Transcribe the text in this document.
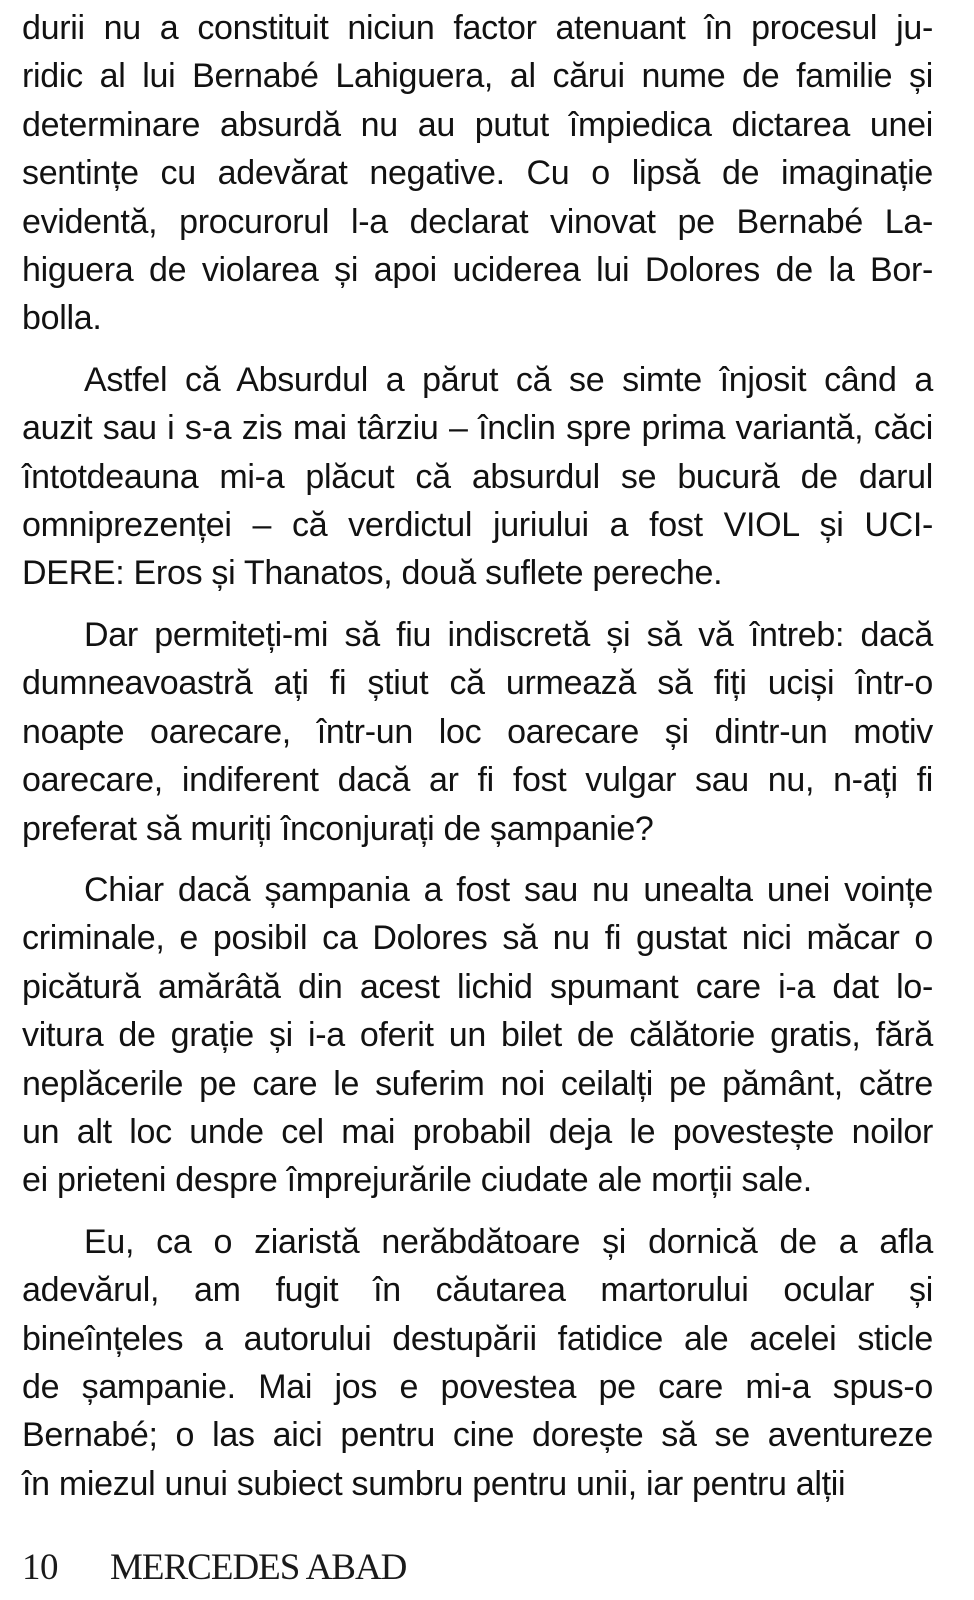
durii nu a constituit niciun factor atenuant în procesul ju-
ridic al lui Bernabé Lahiguera, al cărui nume de familie și
determinare absurdă nu au putut împiedica dictarea unei
sentințe cu adevărat negative. Cu o lipsă de imaginație
evidentă, procurorul l-a declarat vinovat pe Bernabé La-
higuera de violarea și apoi uciderea lui Dolores de la Bor-
bolla.
Astfel că Absurdul a părut că se simte înjosit când a
auzit sau i s-a zis mai târziu – înclin spre prima variantă, căci
întotdeauna mi-a plăcut că absurdul se bucură de darul
omniprezenței – că verdictul juriului a fost VIOL și UCI-
DERE: Eros și Thanatos, două suflete pereche.
Dar permiteți-mi să fiu indiscretă și să vă întreb: dacă
dumneavoastră ați fi știut că urmează să fiți uciși într-o
noapte oarecare, într-un loc oarecare și dintr-un motiv
oarecare, indiferent dacă ar fi fost vulgar sau nu, n-ați fi
preferat să muriți înconjurați de șampanie?
Chiar dacă șampania a fost sau nu unealta unei voințe
criminale, e posibil ca Dolores să nu fi gustat nici măcar o
picătură amărâtă din acest lichid spumant care i-a dat lo-
vitura de grație și i-a oferit un bilet de călătorie gratis, fără
neplăcerile pe care le suferim noi ceilalți pe pământ, către
un alt loc unde cel mai probabil deja le povestește noilor
ei prieteni despre împrejurările ciudate ale morții sale.
Eu, ca o ziaristă nerăbdătoare și dornică de a afla
adevărul, am fugit în căutarea martorului ocular și
bineînțeles a autorului destupării fatidice ale acelei sticle
de șampanie. Mai jos e povestea pe care mi-a spus-o
Bernabé; o las aici pentru cine dorește să se aventureze
în miezul unui subiect sumbru pentru unii, iar pentru alții
10 MERCEDES ABAD
